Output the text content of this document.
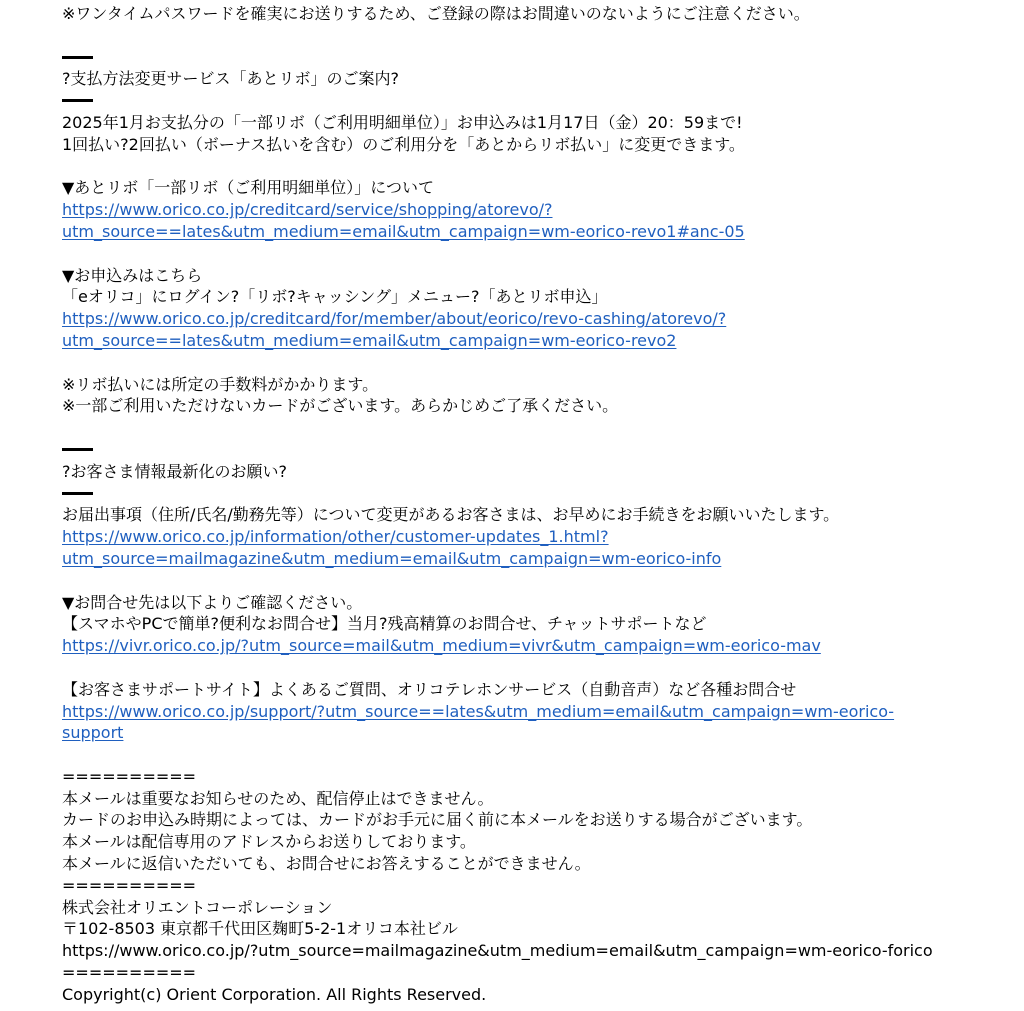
※ワンタイムパスワードを確実にお送りするため、ご登録の際はお間違いのないようにご注意ください。
?支払方法変更サービス「あとリボ」のご案内?
2025年1月お支払分の「一部リボ（ご利用明細単位）」お申込みは1月17日（金）20：59まで!
1回払い?2回払い（ボーナス払いを含む）のご利用分を「あとからリボ払い」に変更できます。
▼あとリボ「一部リボ（ご利用明細単位）」について
https://www.orico.co.jp/creditcard/service/shopping/atorevo/?
utm_source==lates&utm_medium=email&utm_campaign=wm-eorico-revo1#anc-05
▼お申込みはこちら
「eオリコ」にログイン?「リボ?キャッシング」メニュー?「あとリボ申込」
https://www.orico.co.jp/creditcard/for/member/about/eorico/revo-cashing/atorevo/?
utm_source==lates&utm_medium=email&utm_campaign=wm-eorico-revo2
※リボ払いには所定の手数料がかかります。
※一部ご利用いただけないカードがございます。あらかじめご了承ください。
?お客さま情報最新化のお願い?
お届出事項（住所/氏名/勤務先等）について変更があるお客さまは、お早めにお手続きをお願いいたします。
https://www.orico.co.jp/information/other/customer-updates_1.html?
utm_source=mailmagazine&utm_medium=email&utm_campaign=wm-eorico-info
▼お問合せ先は以下よりご確認ください。
【スマホやPCで簡単?便利なお問合せ】当月?残高精算のお問合せ、チャットサポートなど
https://vivr.orico.co.jp/?utm_source=mail&utm_medium=vivr&utm_campaign=wm-eorico-mav
【お客さまサポートサイト】よくあるご質問、オリコテレホンサービス（自動音声）など各種お問合せ
https://www.orico.co.jp/support/?utm_source==lates&utm_medium=email&utm_campaign=wm-eorico-
support
==========
本メールは重要なお知らせのため、配信停止はできません。
カードのお申込み時期によっては、カードがお手元に届く前に本メールをお送りする場合がございます。
本メールは配信専用のアドレスからお送りしております。
本メールに返信いただいても、お問合せにお答えすることができません。
==========
株式会社オリエントコーポレーション
〒102-8503 東京都千代田区麹町5-2-1オリコ本社ビル
https://www.orico.co.jp/?utm_source=mailmagazine&utm_medium=email&utm_campaign=wm-eorico-forico
==========
Copyright(c) Orient Corporation. All Rights Reserved.
